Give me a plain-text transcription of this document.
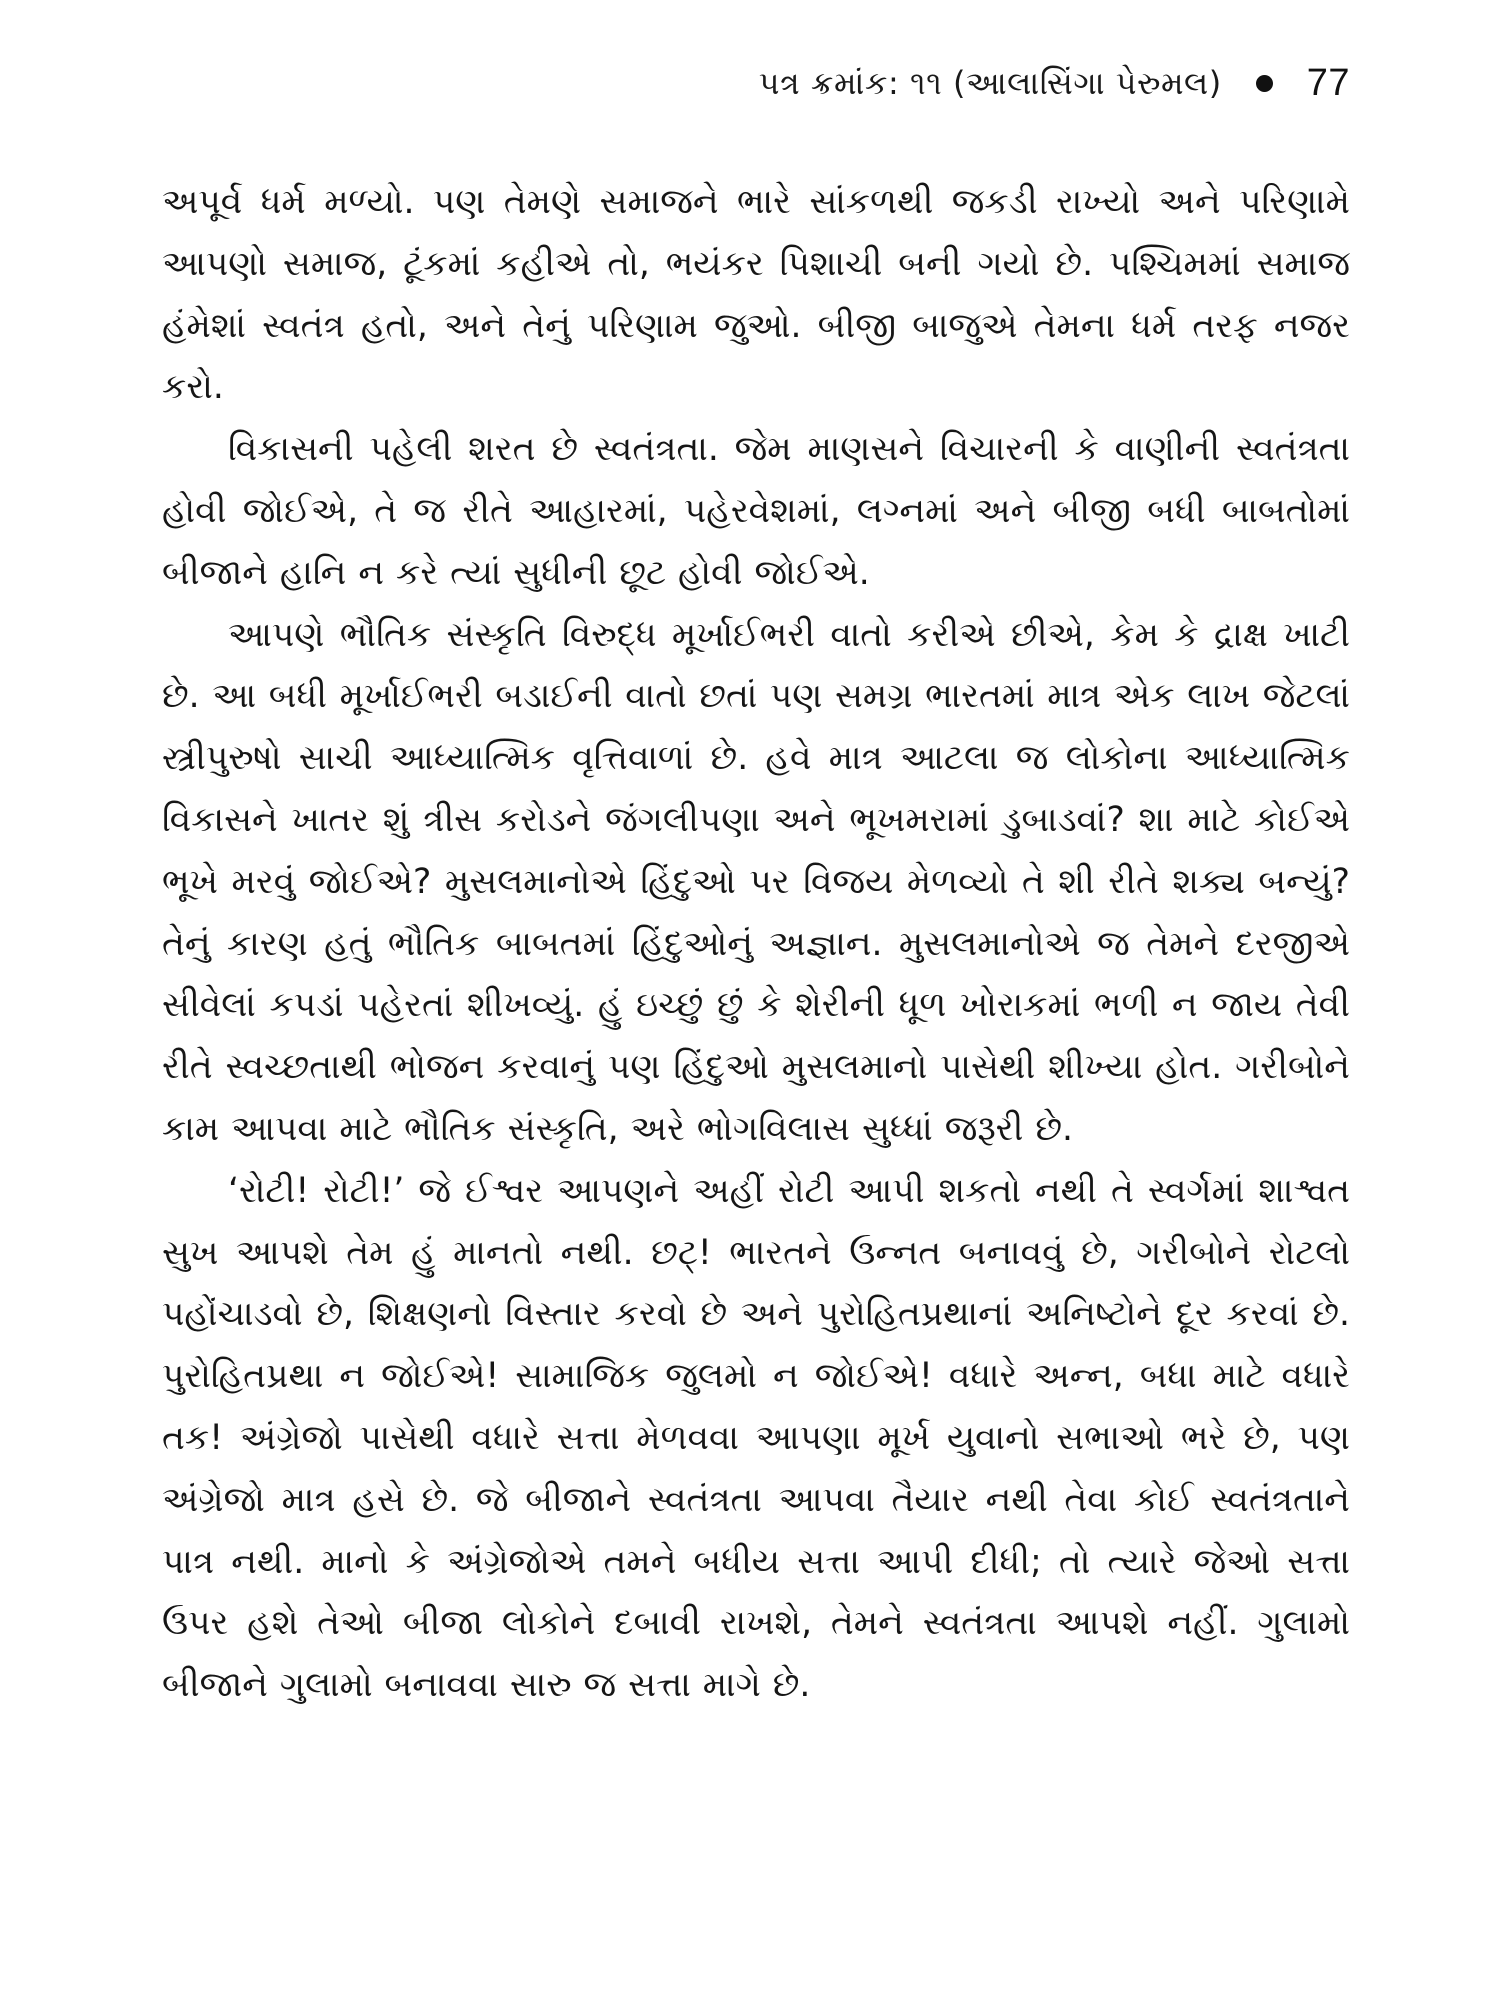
પત્ર ક્રમાંક: ૧૧ (આલાસિંગા પેરુમલ) 77

અપૂર્વ ધર્મ મળ્યો. પણ તેમણે સમાજને ભારે સાંકળથી જકડી રાખ્યો અને પરિણામે આપણો સમાજ, ટૂંકમાં કહીએ તો, ભયંકર પિશાચી બની ગયો છે. પશ્ચિમમાં સમાજ હંમેશાં સ્વતંત્ર હતો, અને તેનું પરિણામ જુઓ. બીજી બાજુએ તેમના ધર્મ તરફ નજર કરો.

વિકાસની પહેલી શરત છે સ્વતંત્રતા. જેમ માણસને વિચારની કે વાણીની સ્વતંત્રતા હોવી જોઈએ, તે જ રીતે આહારમાં, પહેરવેશમાં, લગ્નમાં અને બીજી બધી બાબતોમાં બીજાને હાનિ ન કરે ત્યાં સુધીની છૂટ હોવી જોઈએ.

આપણે ભૌતિક સંસ્કૃતિ વિરુદ્ધ મૂર્ખાઈભરી વાતો કરીએ છીએ, કેમ કે દ્રાક્ષ ખાટી છે. આ બધી મૂર્ખાઈભરી બડાઈની વાતો છતાં પણ સમગ્ર ભારતમાં માત્ર એક લાખ જેટલાં સ્ત્રીપુરુષો સાચી આધ્યાત્મિક વૃત્તિવાળાં છે. હવે માત્ર આટલા જ લોકોના આધ્યાત્મિક વિકાસને ખાતર શું ત્રીસ કરોડને જંગલીપણા અને ભૂખમરામાં ડુબાડવાં? શા માટે કોઈએ ભૂખે મરવું જોઈએ? મુસલમાનોએ હિંદુઓ પર વિજય મેળવ્યો તે શી રીતે શક્ય બન્યું? તેનું કારણ હતું ભૌતિક બાબતમાં હિંદુઓનું અજ્ઞાન. મુસલમાનોએ જ તેમને દરજીએ સીવેલાં કપડાં પહેરતાં શીખવ્યું. હું ઇચ્છું છું કે શેરીની ધૂળ ખોરાકમાં ભળી ન જાય તેવી રીતે સ્વચ્છતાથી ભોજન કરવાનું પણ હિંદુઓ મુસલમાનો પાસેથી શીખ્યા હોત. ગરીબોને કામ આપવા માટે ભૌતિક સંસ્કૃતિ, અરે ભોગવિલાસ સુધ્ધાં જરૂરી છે.

‘રોટી! રોટી!’ જે ઈશ્વર આપણને અહીં રોટી આપી શકતો નથી તે સ્વર્ગમાં શાશ્વત સુખ આપશે તેમ હું માનતો નથી. છટ્! ભારતને ઉન્નત બનાવવું છે, ગરીબોને રોટલો પહોંચાડવો છે, શિક્ષણનો વિસ્તાર કરવો છે અને પુરોહિતપ્રથાનાં અનિષ્ટોને દૂર કરવાં છે. પુરોહિતપ્રથા ન જોઈએ! સામાજિક જુલમો ન જોઈએ! વધારે અન્ન, બધા માટે વધારે તક! અંગ્રેજો પાસેથી વધારે સત્તા મેળવવા આપણા મૂર્ખ યુવાનો સભાઓ ભરે છે, પણ અંગ્રેજો માત્ર હસે છે. જે બીજાને સ્વતંત્રતા આપવા તૈયાર નથી તેવા કોઈ સ્વતંત્રતાને પાત્ર નથી. માનો કે અંગ્રેજોએ તમને બધીય સત્તા આપી દીધી; તો ત્યારે જેઓ સત્તા ઉપર હશે તેઓ બીજા લોકોને દબાવી રાખશે, તેમને સ્વતંત્રતા આપશે નહીં. ગુલામો બીજાને ગુલામો બનાવવા સારુ જ સત્તા માગે છે.
